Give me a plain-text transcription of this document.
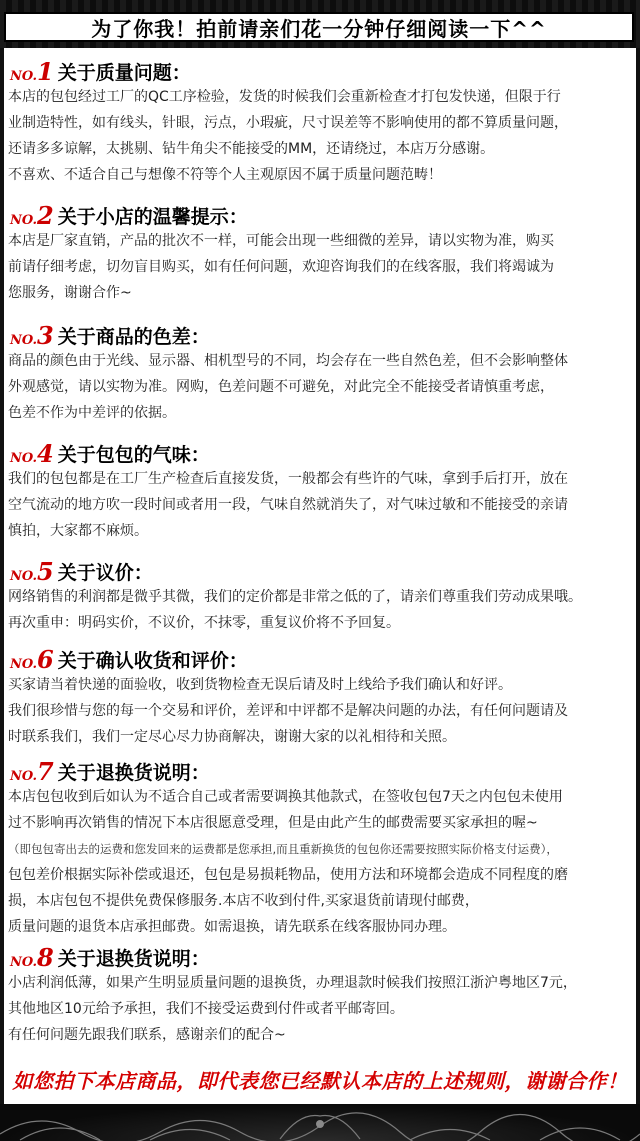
为了你我！拍前请亲们花一分钟仔细阅读一下^^
NO. 1 关于质量问题：
本店的包包经过工厂的QC工序检验，发货的时候我们会重新检查才打包发快递，但限于行
业制造特性，如有线头，针眼，污点，小瑕疵，尺寸误差等不影响使用的都不算质量问题，
还请多多谅解，太挑剔、钻牛角尖不能接受的MM，还请绕过，本店万分感谢。
不喜欢、不适合自己与想像不符等个人主观原因不属于质量问题范畴！
NO. 2 关于小店的温馨提示：
本店是厂家直销，产品的批次不一样，可能会出现一些细微的差异，请以实物为准，购买
前请仔细考虑，切勿盲目购买，如有任何问题，欢迎咨询我们的在线客服，我们将竭诚为
您服务，谢谢合作~
NO. 3 关于商品的色差：
商品的颜色由于光线、显示器、相机型号的不同，均会存在一些自然色差，但不会影响整体
外观感觉，请以实物为准。网购，色差问题不可避免，对此完全不能接受者请慎重考虑，
色差不作为中差评的依据。
NO. 4 关于包包的气味：
我们的包包都是在工厂生产检查后直接发货，一般都会有些许的气味，拿到手后打开，放在
空气流动的地方吹一段时间或者用一段，气味自然就消失了，对气味过敏和不能接受的亲请
慎拍，大家都不麻烦。
NO. 5 关于议价：
网络销售的利润都是微乎其微，我们的定价都是非常之低的了，请亲们尊重我们劳动成果哦。
再次重申：明码实价，不议价，不抹零，重复议价将不予回复。
NO. 6 关于确认收货和评价：
买家请当着快递的面验收，收到货物检查无误后请及时上线给予我们确认和好评。
我们很珍惜与您的每一个交易和评价，差评和中评都不是解决问题的办法，有任何问题请及
时联系我们，我们一定尽心尽力协商解决，谢谢大家的以礼相待和关照。
NO. 7 关于退换货说明：
本店包包收到后如认为不适合自己或者需要调换其他款式，在签收包包7天之内包包未使用
过不影响再次销售的情况下本店很愿意受理，但是由此产生的邮费需要买家承担的喔~
（即包包寄出去的运费和您发回来的运费都是您承担,而且重新换货的包包你还需要按照实际价格支付运费），
包包差价根据实际补偿或退还，包包是易损耗物品，使用方法和环境都会造成不同程度的磨
损，本店包包不提供免费保修服务.本店不收到付件,买家退货前请现付邮费，
质量问题的退货本店承担邮费。如需退换，请先联系在线客服协同办理。
NO. 8 关于退换货说明：
小店利润低薄，如果产生明显质量问题的退换货，办理退款时候我们按照江浙沪粤地区7元，
其他地区10元给予承担，我们不接受运费到付件或者平邮寄回。
有任何问题先跟我们联系，感谢亲们的配合~
如您拍下本店商品，即代表您已经默认本店的上述规则，谢谢合作！
